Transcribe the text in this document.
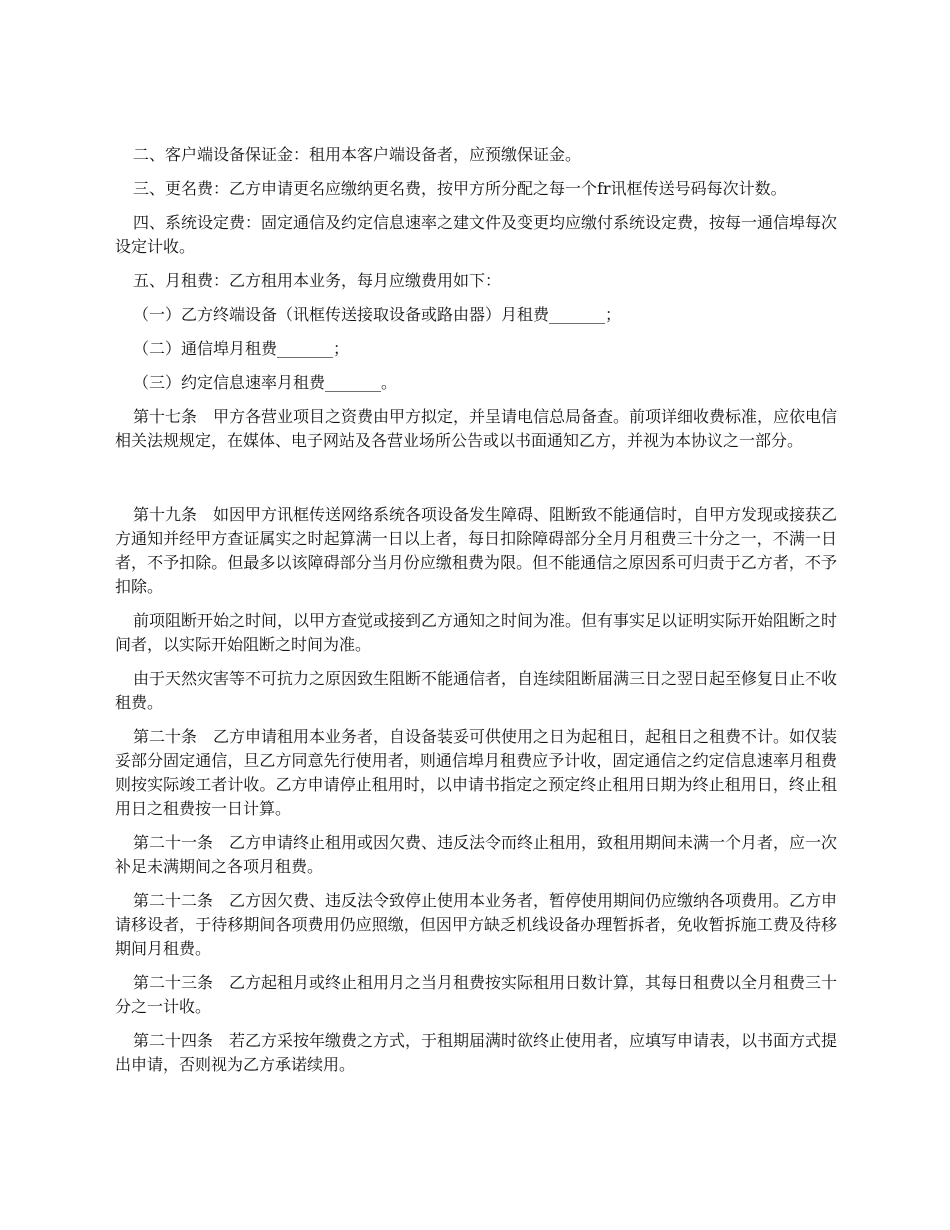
二、客户端设备保证金：租用本客户端设备者，应预缴保证金。

三、更名费：乙方申请更名应缴纳更名费，按甲方所分配之每一个fr讯框传送号码每次计数。

四、系统设定费：固定通信及约定信息速率之建文件及变更均应缴付系统设定费，按每一通信埠每次设定计收。

五、月租费：乙方租用本业务，每月应缴费用如下：

（一）乙方终端设备（讯框传送接取设备或路由器）月租费_______；

（二）通信埠月租费_______；

（三）约定信息速率月租费_______。

第十七条　甲方各营业项目之资费由甲方拟定，并呈请电信总局备查。前项详细收费标准，应依电信相关法规规定，在媒体、电子网站及各营业场所公告或以书面通知乙方，并视为本协议之一部分。

第十九条　如因甲方讯框传送网络系统各项设备发生障碍、阻断致不能通信时，自甲方发现或接获乙方通知并经甲方查证属实之时起算满一日以上者，每日扣除障碍部分全月月租费三十分之一，不满一日者，不予扣除。但最多以该障碍部分当月份应缴租费为限。但不能通信之原因系可归责于乙方者，不予扣除。

前项阻断开始之时间，以甲方查觉或接到乙方通知之时间为准。但有事实足以证明实际开始阻断之时间者，以实际开始阻断之时间为准。

由于天然灾害等不可抗力之原因致生阻断不能通信者，自连续阻断届满三日之翌日起至修复日止不收租费。

第二十条　乙方申请租用本业务者，自设备装妥可供使用之日为起租日，起租日之租费不计。如仅装妥部分固定通信，旦乙方同意先行使用者，则通信埠月租费应予计收，固定通信之约定信息速率月租费则按实际竣工者计收。乙方申请停止租用时，以申请书指定之预定终止租用日期为终止租用日，终止租用日之租费按一日计算。

第二十一条　乙方申请终止租用或因欠费、违反法令而终止租用，致租用期间未满一个月者，应一次补足未满期间之各项月租费。

第二十二条　乙方因欠费、违反法令致停止使用本业务者，暂停使用期间仍应缴纳各项费用。乙方申请移设者，于待移期间各项费用仍应照缴，但因甲方缺乏机线设备办理暂拆者，免收暂拆施工费及待移期间月租费。

第二十三条　乙方起租月或终止租用月之当月租费按实际租用日数计算，其每日租费以全月租费三十分之一计收。

第二十四条　若乙方采按年缴费之方式，于租期届满时欲终止使用者，应填写申请表，以书面方式提出申请，否则视为乙方承诺续用。
